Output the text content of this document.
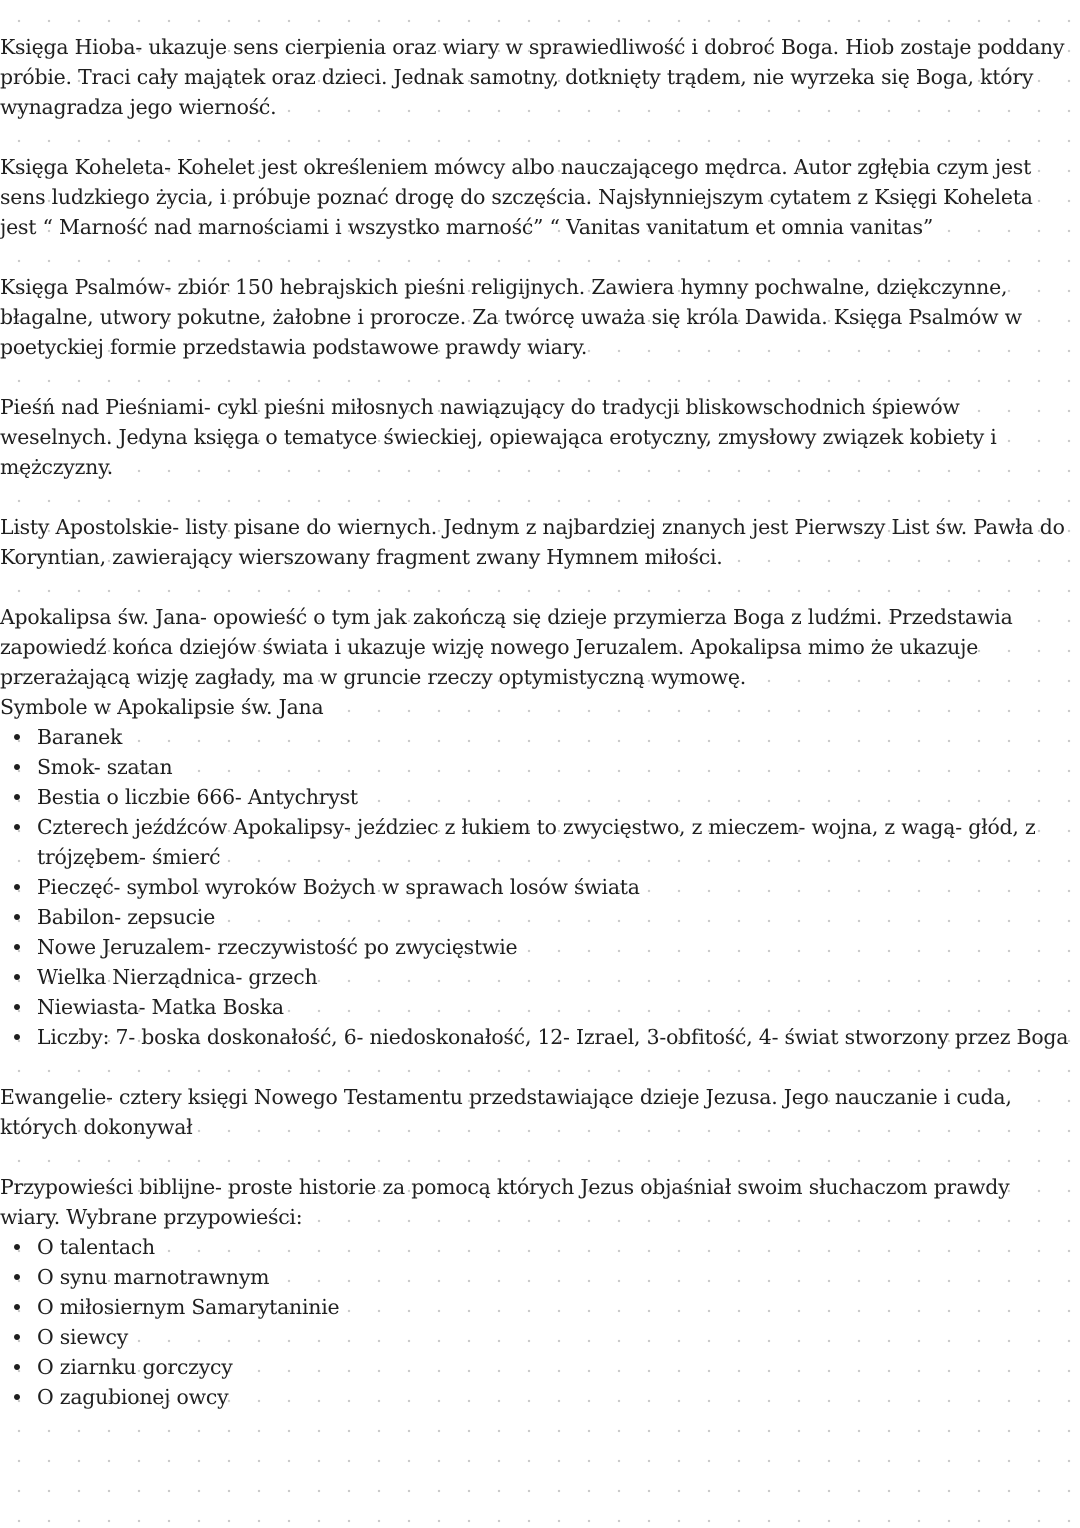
Księga Hioba- ukazuje sens cierpienia oraz wiary w sprawiedliwość i dobroć Boga. Hiob zostaje poddany próbie. Traci cały majątek oraz dzieci. Jednak samotny, dotknięty trądem, nie wyrzeka się Boga, który wynagradza jego wierność.

Księga Koheleta- Kohelet jest określeniem mówcy albo nauczającego mędrca. Autor zgłębia czym jest sens ludzkiego życia, i próbuje poznać drogę do szczęścia. Najsłynniejszym cytatem z Księgi Koheleta jest “ Marność nad marnościami i wszystko marność” “ Vanitas vanitatum et omnia vanitas”

Księga Psalmów- zbiór 150 hebrajskich pieśni religijnych. Zawiera hymny pochwalne, dziękczynne, błagalne, utwory pokutne, żałobne i prorocze. Za twórcę uważa się króla Dawida. Księga Psalmów w poetyckiej formie przedstawia podstawowe prawdy wiary.

Pieśń nad Pieśniami- cykl pieśni miłosnych nawiązujący do tradycji bliskowschodnich śpiewów weselnych. Jedyna księga o tematyce świeckiej, opiewająca erotyczny, zmysłowy związek kobiety i mężczyzny.

Listy Apostolskie- listy pisane do wiernych. Jednym z najbardziej znanych jest Pierwszy List św. Pawła do Koryntian, zawierający wierszowany fragment zwany Hymnem miłości.

Apokalipsa św. Jana- opowieść o tym jak zakończą się dzieje przymierza Boga z ludźmi. Przedstawia zapowiedź końca dziejów świata i ukazuje wizję nowego Jeruzalem. Apokalipsa mimo że ukazuje przerażającą wizję zagłady, ma w gruncie rzeczy optymistyczną wymowę.

Symbole w Apokalipsie św. Jana

Baranek
Smok- szatan
Bestia o liczbie 666- Antychryst
Czterech jeźdźców Apokalipsy- jeździec z łukiem to zwycięstwo, z mieczem- wojna, z wagą- głód, z trójzębem- śmierć
Pieczęć- symbol wyroków Bożych w sprawach losów świata
Babilon- zepsucie
Nowe Jeruzalem- rzeczywistość po zwycięstwie
Wielka Nierządnica- grzech
Niewiasta- Matka Boska
Liczby: 7- boska doskonałość, 6- niedoskonałość, 12- Izrael, 3-obfitość, 4- świat stworzony przez Boga

Ewangelie- cztery księgi Nowego Testamentu przedstawiające dzieje Jezusa. Jego nauczanie i cuda, których dokonywał

Przypowieści biblijne- proste historie za pomocą których Jezus objaśniał swoim słuchaczom prawdy wiary. Wybrane przypowieści:

O talentach
O synu marnotrawnym
O miłosiernym Samarytaninie
O siewcy
O ziarnku gorczycy
O zagubionej owcy
